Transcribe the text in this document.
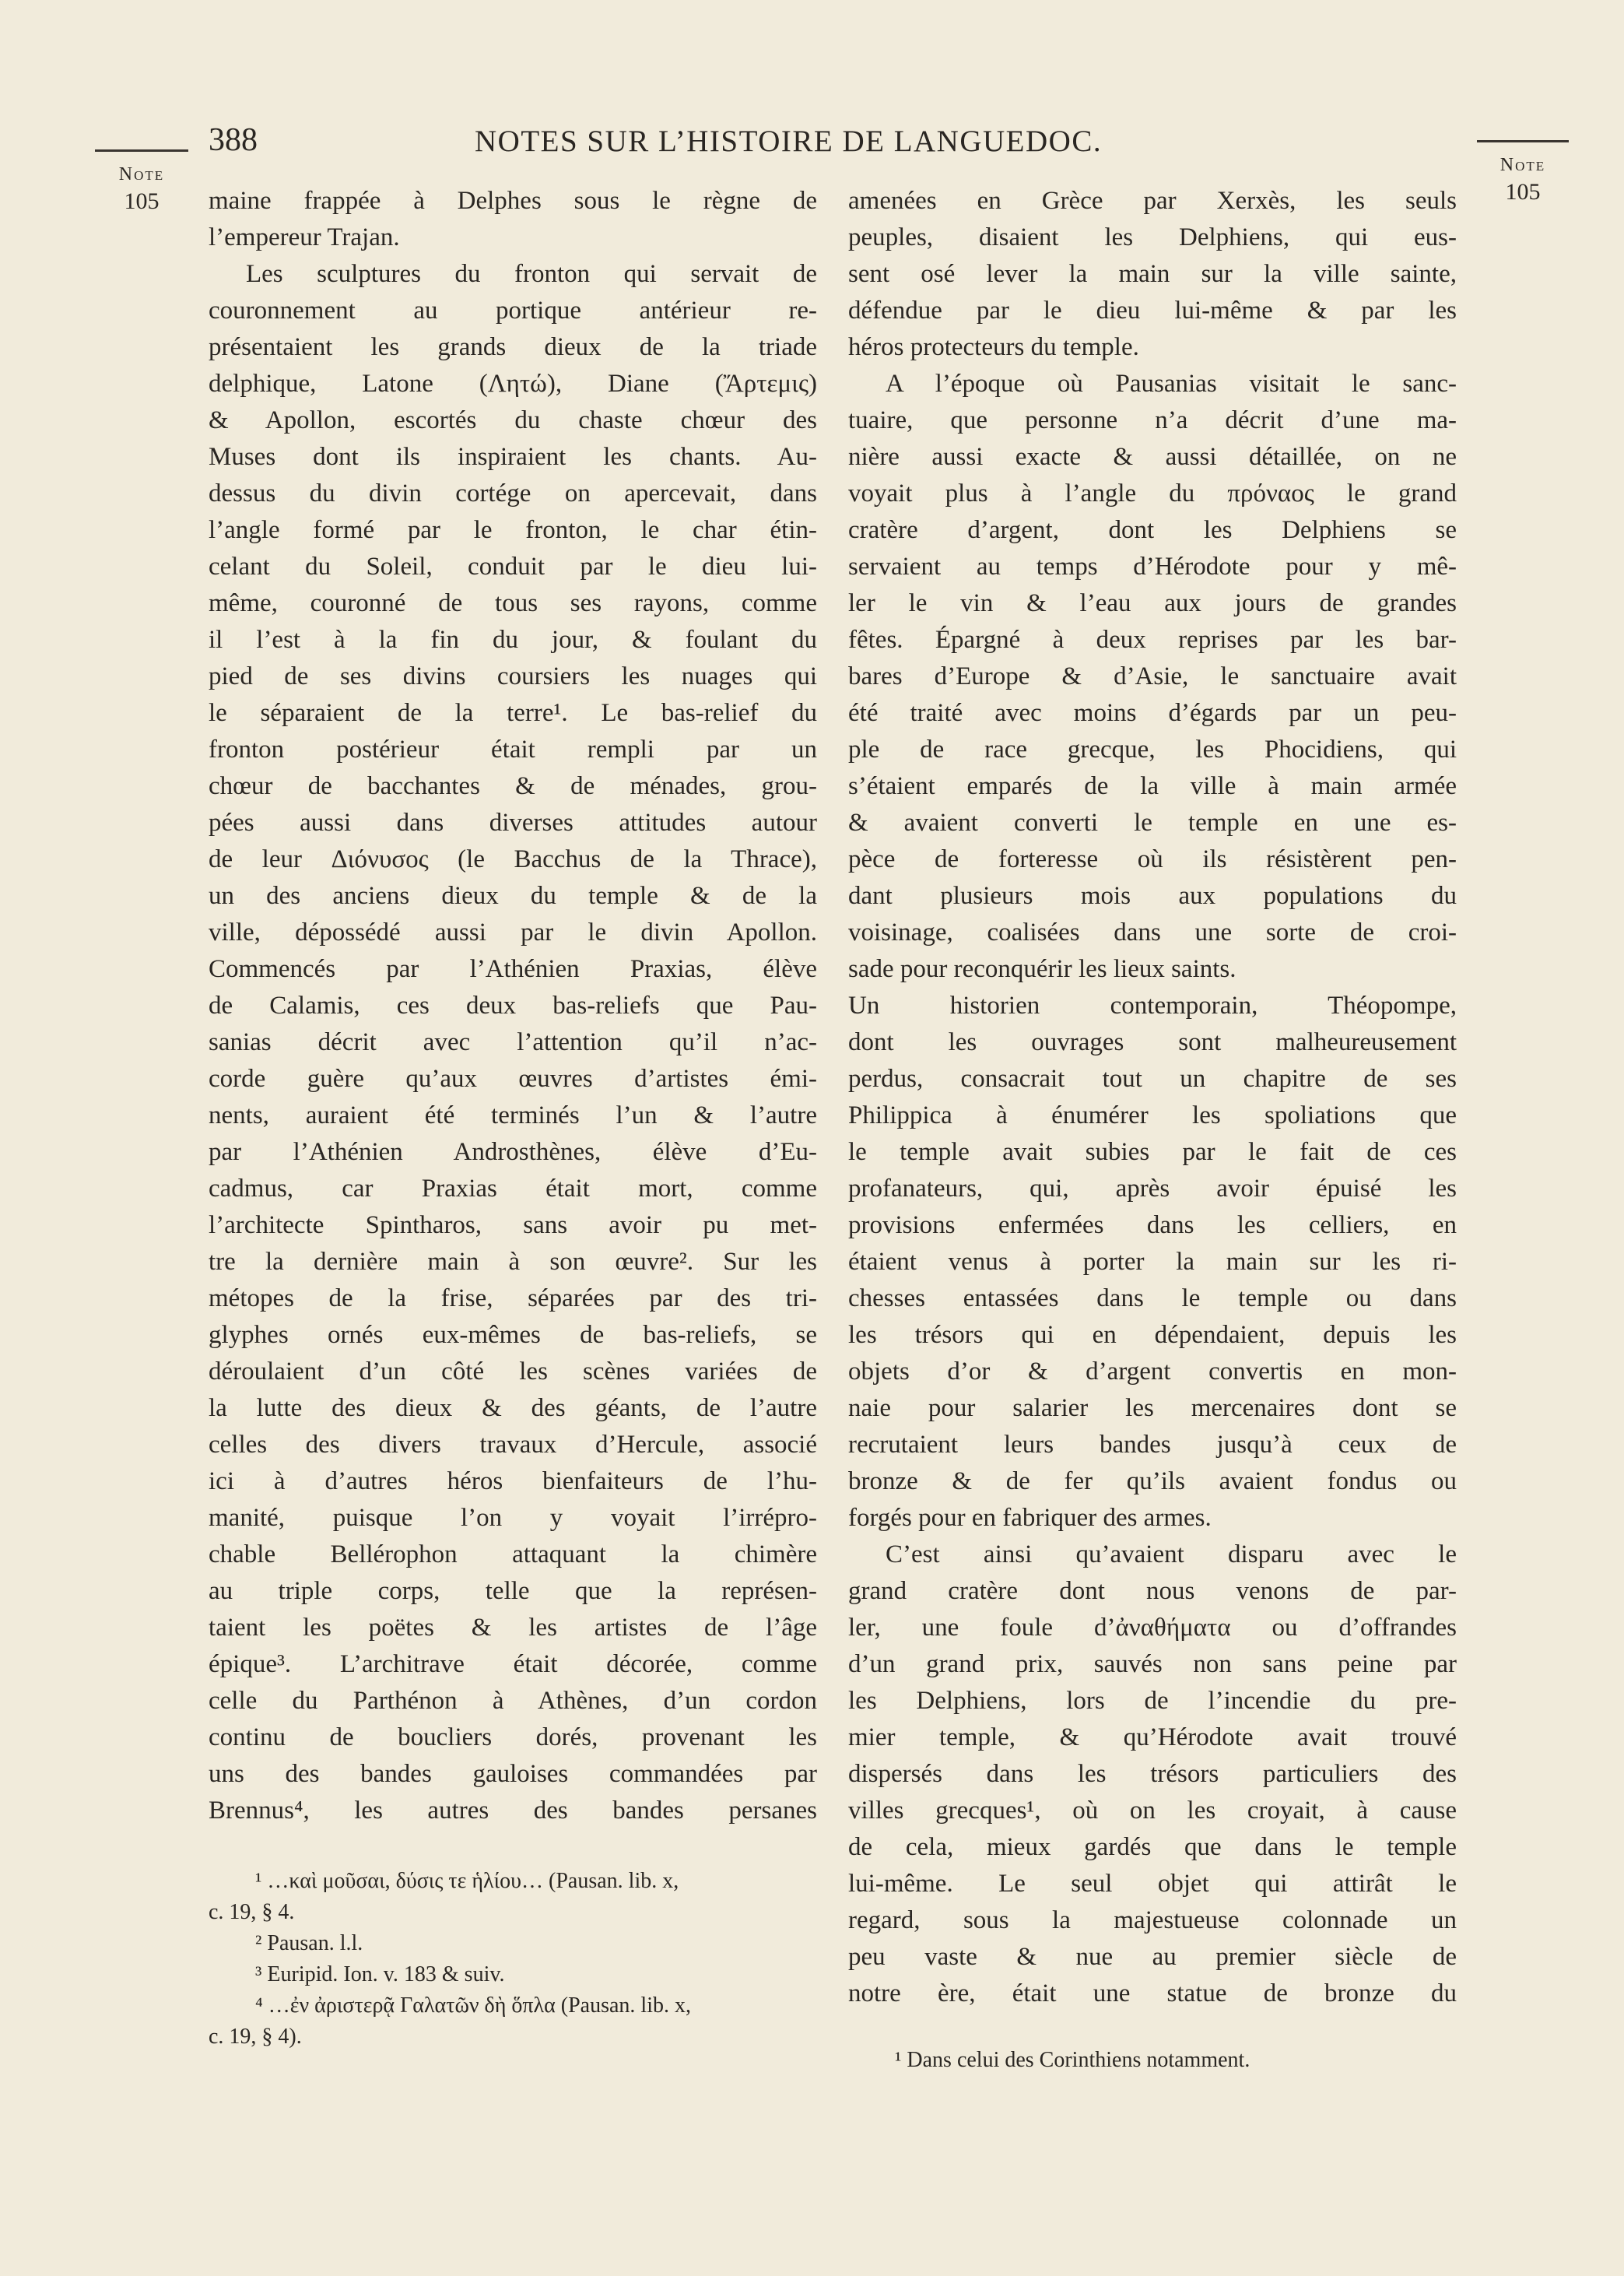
Note
105
Note
105
388	NOTES SUR L’HISTOIRE DE LANGUEDOC.
maine frappée à Delphes sous le règne de
l’empereur Trajan.
Les sculptures du fronton qui servait de
couronnement au portique antérieur re-
présentaient les grands dieux de la triade
delphique, Latone (Λητώ), Diane (Ἄρτεμις)
& Apollon, escortés du chaste chœur des
Muses dont ils inspiraient les chants. Au-
dessus du divin cortége on apercevait, dans
l’angle formé par le fronton, le char étin-
celant du Soleil, conduit par le dieu lui-
même, couronné de tous ses rayons, comme
il l’est à la fin du jour, & foulant du
pied de ses divins coursiers les nuages qui
le séparaient de la terre¹. Le bas-relief du
fronton postérieur était rempli par un
chœur de bacchantes & de ménades, grou-
pées aussi dans diverses attitudes autour
de leur Διόνυσος (le Bacchus de la Thrace),
un des anciens dieux du temple & de la
ville, dépossédé aussi par le divin Apollon.
Commencés par l’Athénien Praxias, élève
de Calamis, ces deux bas-reliefs que Pau-
sanias décrit avec l’attention qu’il n’ac-
corde guère qu’aux œuvres d’artistes émi-
nents, auraient été terminés l’un & l’autre
par l’Athénien Androsthènes, élève d’Eu-
cadmus, car Praxias était mort, comme
l’architecte Spintharos, sans avoir pu met-
tre la dernière main à son œuvre². Sur les
métopes de la frise, séparées par des tri-
glyphes ornés eux-mêmes de bas-reliefs, se
déroulaient d’un côté les scènes variées de
la lutte des dieux & des géants, de l’autre
celles des divers travaux d’Hercule, associé
ici à d’autres héros bienfaiteurs de l’hu-
manité, puisque l’on y voyait l’irrépro-
chable Bellérophon attaquant la chimère
au triple corps, telle que la représen-
taient les poëtes & les artistes de l’âge
épique³. L’architrave était décorée, comme
celle du Parthénon à Athènes, d’un cordon
continu de boucliers dorés, provenant les
uns des bandes gauloises commandées par
Brennus⁴, les autres des bandes persanes
¹ …καὶ μοῦσαι, δύσις τε ἡλίου… (Pausan. lib. x,
c. 19, § 4.
² Pausan. l.l.
³ Euripid. Ion. v. 183 & suiv.
⁴ …ἐν ἀριστερᾷ Γαλατῶν δὴ ὅπλα (Pausan. lib. x,
c. 19, § 4).
amenées en Grèce par Xerxès, les seuls
peuples, disaient les Delphiens, qui eus-
sent osé lever la main sur la ville sainte,
défendue par le dieu lui-même & par les
héros protecteurs du temple.
A l’époque où Pausanias visitait le sanc-
tuaire, que personne n’a décrit d’une ma-
nière aussi exacte & aussi détaillée, on ne
voyait plus à l’angle du πρόναος le grand
cratère d’argent, dont les Delphiens se
servaient au temps d’Hérodote pour y mê-
ler le vin & l’eau aux jours de grandes
fêtes. Épargné à deux reprises par les bar-
bares d’Europe & d’Asie, le sanctuaire avait
été traité avec moins d’égards par un peu-
ple de race grecque, les Phocidiens, qui
s’étaient emparés de la ville à main armée
& avaient converti le temple en une es-
pèce de forteresse où ils résistèrent pen-
dant plusieurs mois aux populations du
voisinage, coalisées dans une sorte de croi-
sade pour reconquérir les lieux saints.
Un historien contemporain, Théopompe,
dont les ouvrages sont malheureusement
perdus, consacrait tout un chapitre de ses
Philippica à énumérer les spoliations que
le temple avait subies par le fait de ces
profanateurs, qui, après avoir épuisé les
provisions enfermées dans les celliers, en
étaient venus à porter la main sur les ri-
chesses entassées dans le temple ou dans
les trésors qui en dépendaient, depuis les
objets d’or & d’argent convertis en mon-
naie pour salarier les mercenaires dont se
recrutaient leurs bandes jusqu’à ceux de
bronze & de fer qu’ils avaient fondus ou
forgés pour en fabriquer des armes.
C’est ainsi qu’avaient disparu avec le
grand cratère dont nous venons de par-
ler, une foule d’ἀναθήματα ou d’offrandes
d’un grand prix, sauvés non sans peine par
les Delphiens, lors de l’incendie du pre-
mier temple, & qu’Hérodote avait trouvé
dispersés dans les trésors particuliers des
villes grecques¹, où on les croyait, à cause
de cela, mieux gardés que dans le temple
lui-même. Le seul objet qui attirât le
regard, sous la majestueuse colonnade un
peu vaste & nue au premier siècle de
notre ère, était une statue de bronze du
¹ Dans celui des Corinthiens notamment.
